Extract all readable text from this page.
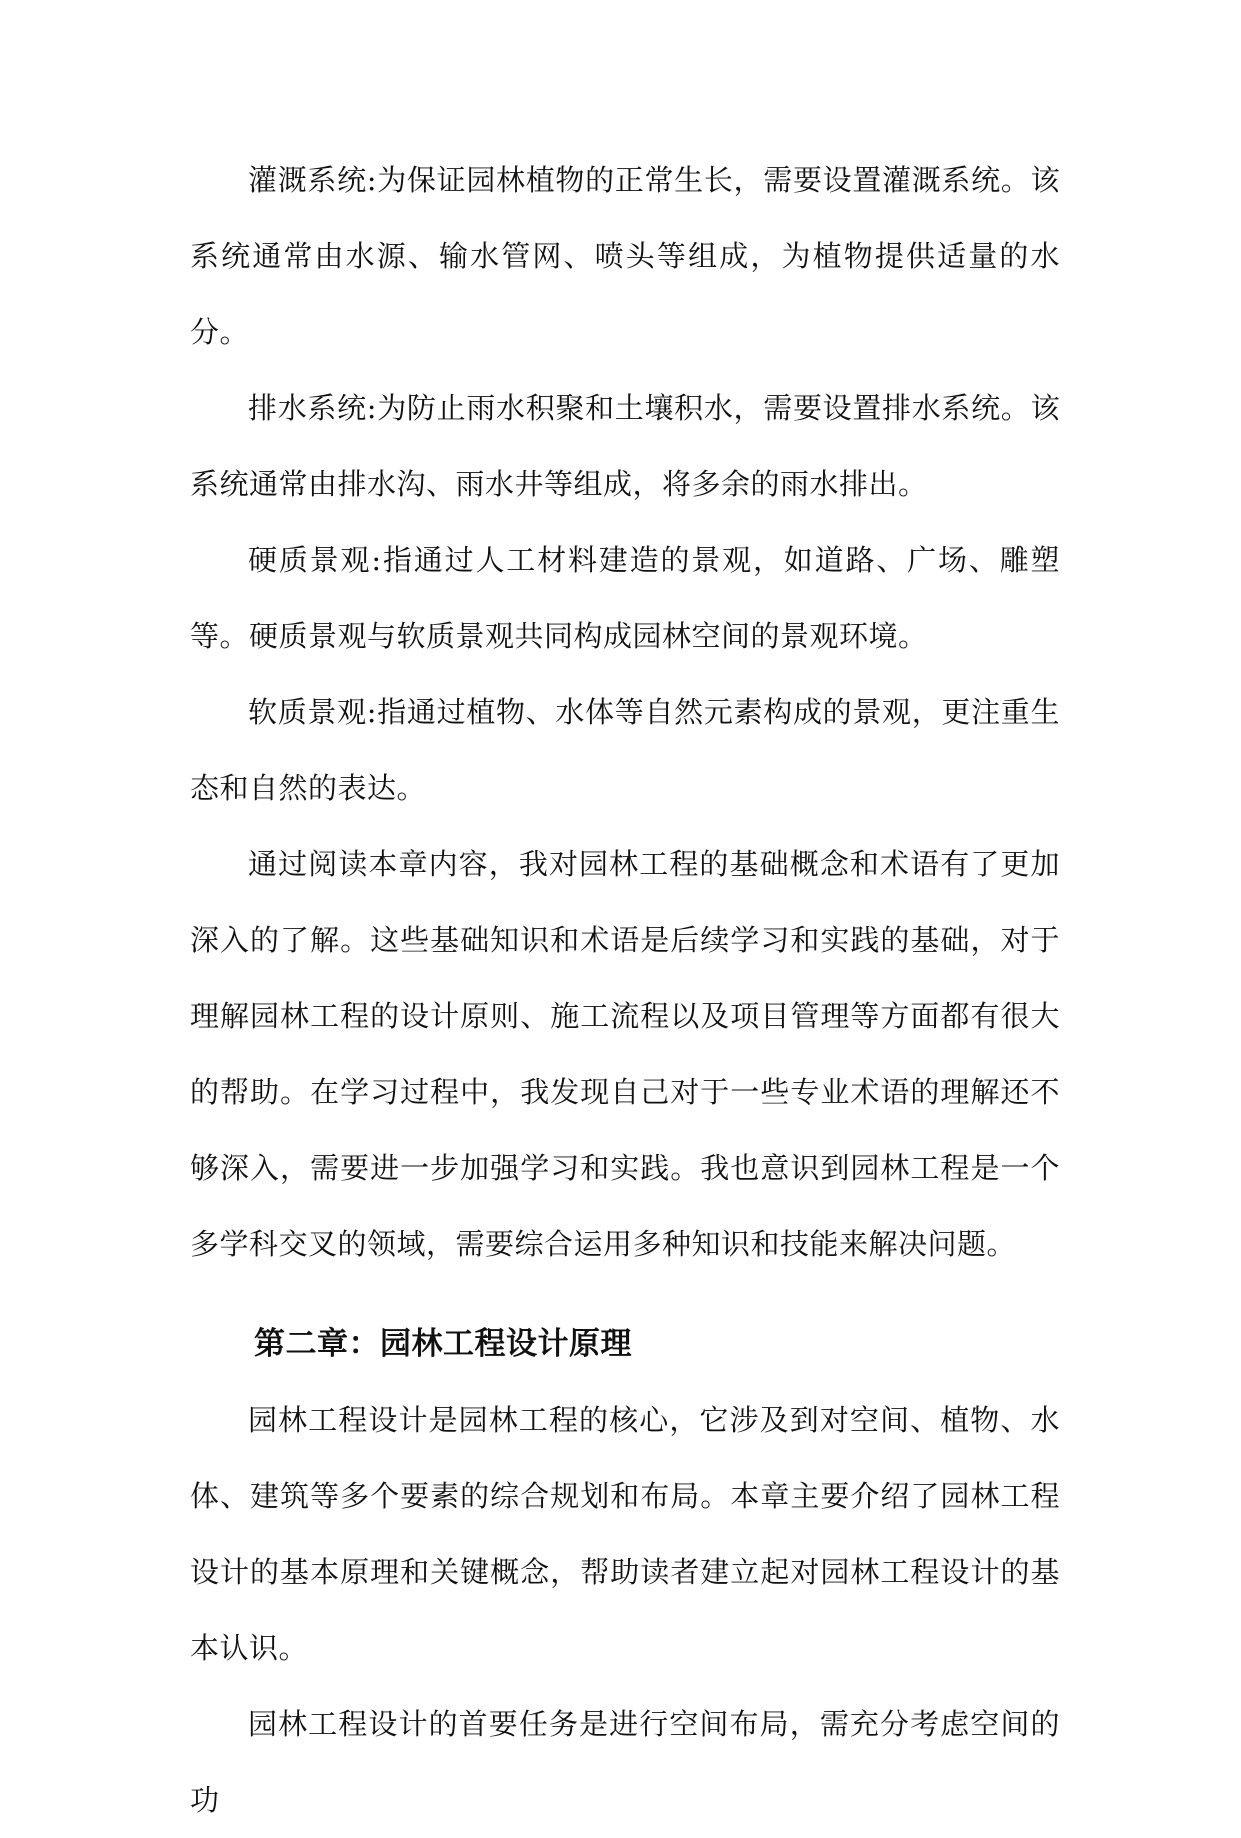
灌溉系统:为保证园林植物的正常生长，需要设置灌溉系统。该系统通常由水源、输水管网、喷头等组成，为植物提供适量的水分。

排水系统:为防止雨水积聚和土壤积水，需要设置排水系统。该系统通常由排水沟、雨水井等组成，将多余的雨水排出。

硬质景观:指通过人工材料建造的景观，如道路、广场、雕塑等。硬质景观与软质景观共同构成园林空间的景观环境。

软质景观:指通过植物、水体等自然元素构成的景观，更注重生态和自然的表达。

通过阅读本章内容，我对园林工程的基础概念和术语有了更加深入的了解。这些基础知识和术语是后续学习和实践的基础，对于理解园林工程的设计原则、施工流程以及项目管理等方面都有很大的帮助。在学习过程中，我发现自己对于一些专业术语的理解还不够深入，需要进一步加强学习和实践。我也意识到园林工程是一个多学科交叉的领域，需要综合运用多种知识和技能来解决问题。

第二章：园林工程设计原理

园林工程设计是园林工程的核心，它涉及到对空间、植物、水体、建筑等多个要素的综合规划和布局。本章主要介绍了园林工程设计的基本原理和关键概念，帮助读者建立起对园林工程设计的基本认识。

园林工程设计的首要任务是进行空间布局，需充分考虑空间的功
